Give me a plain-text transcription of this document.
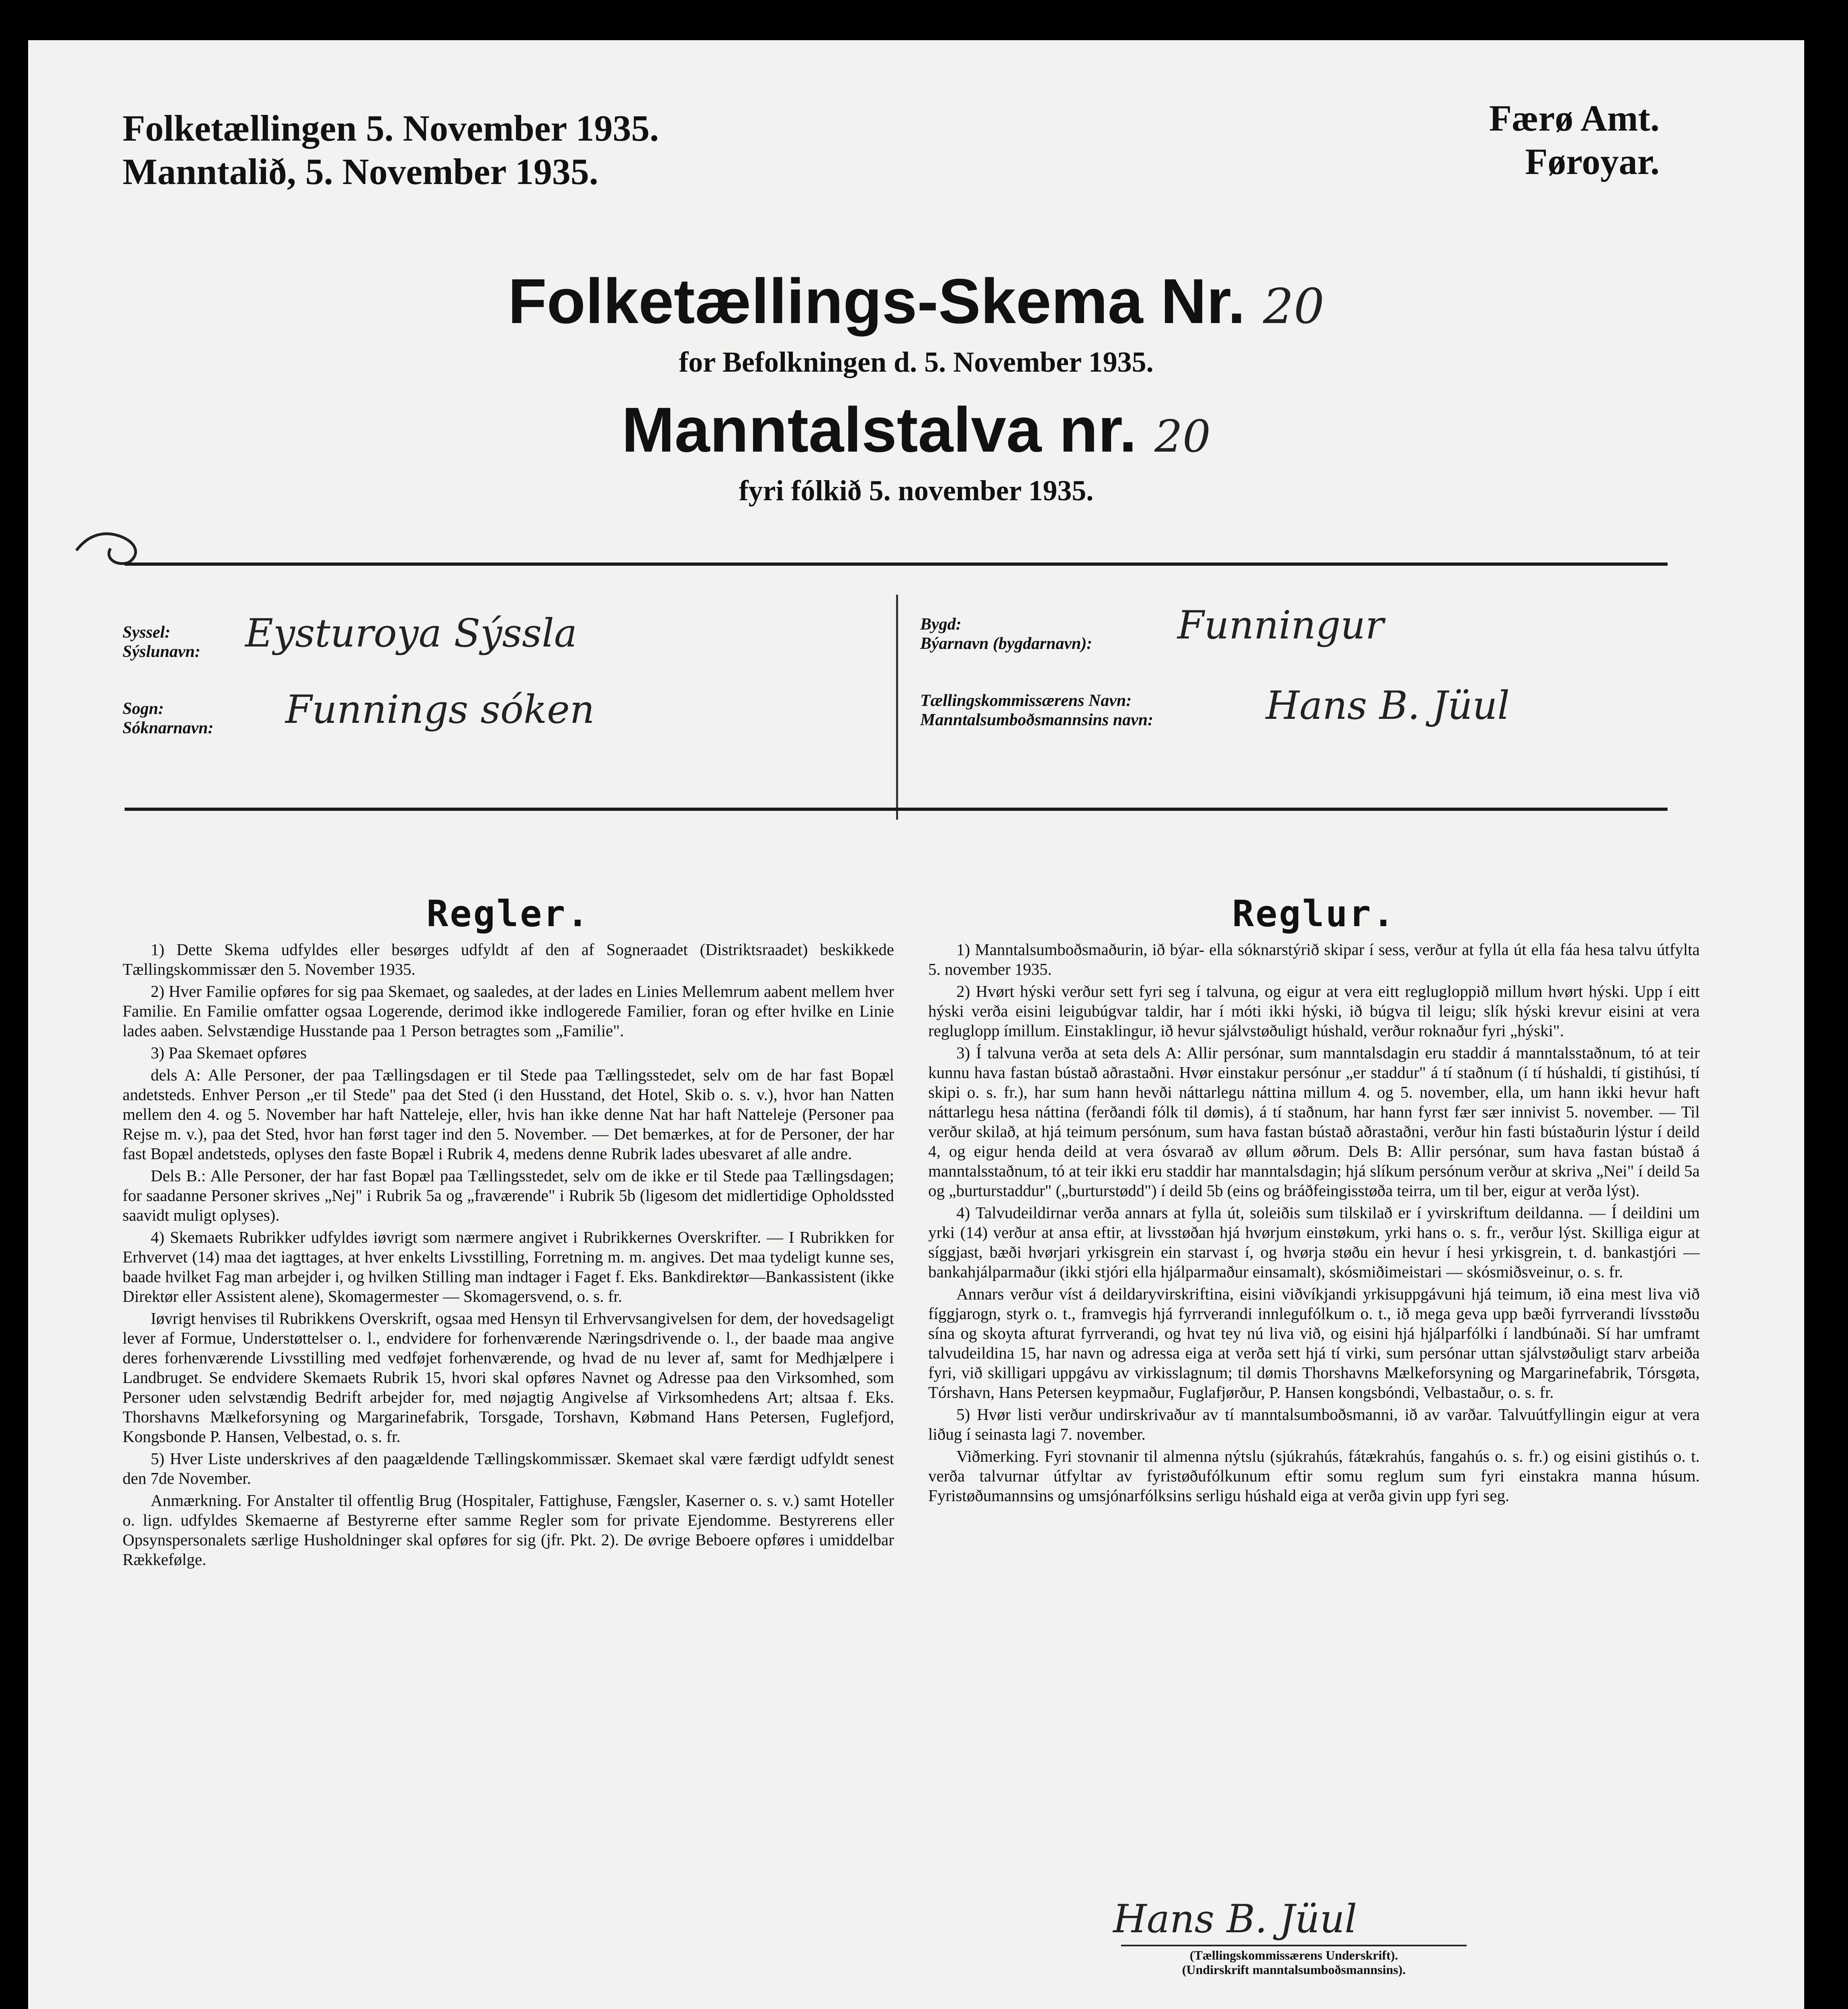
Folketællingen 5. November 1935.
Manntalið, 5. November 1935.
Færø Amt.
Føroyar.
Folketællings-Skema Nr. 20
for Befolkningen d. 5. November 1935.
Manntalstalva nr. 20
fyri fólkið 5. november 1935.
Syssel:
Sýslunavn: Eysturoya Sýssla
Sogn:
Sóknarnavn: Funnings sóken
Bygd:
Býarnavn (bygdarnavn): Funningur
Tællingskommissærens Navn:
Manntalsumboðsmannsins navn:	Hans B. Jüul
Regler.

1) Dette Skema udfyldes eller besørges udfyldt af den af Sogneraadet (Distriktsraadet) beskikkede Tællingskommissær den 5. November 1935.

2) Hver Familie opføres for sig paa Skemaet, og saaledes, at der lades en Linies Mellemrum aabent mellem hver Familie. En Familie omfatter ogsaa Logerende, derimod ikke indlogerede Familier, foran og efter hvilke en Linie lades aaben. Selvstændige Husstande paa 1 Person betragtes som „Familie".

3) Paa Skemaet opføres

dels A: Alle Personer, der paa Tællingsdagen er til Stede paa Tællingsstedet, selv om de har fast Bopæl andetsteds. Enhver Person „er til Stede" paa det Sted (i den Husstand, det Hotel, Skib o. s. v.), hvor han Natten mellem den 4. og 5. November har haft Natteleje, eller, hvis han ikke denne Nat har haft Natteleje (Personer paa Rejse m. v.), paa det Sted, hvor han først tager ind den 5. November. — Det bemærkes, at for de Personer, der har fast Bopæl andetsteds, oplyses den faste Bopæl i Rubrik 4, medens denne Rubrik lades ubesvaret af alle andre.

Dels B.: Alle Personer, der har fast Bopæl paa Tællingsstedet, selv om de ikke er til Stede paa Tællingsdagen; for saadanne Personer skrives „Nej" i Rubrik 5a og „fraværende" i Rubrik 5b (ligesom det midlertidige Opholdssted saavidt muligt oplyses).

4) Skemaets Rubrikker udfyldes iøvrigt som nærmere angivet i Rubrikkernes Overskrifter. — I Rubrikken for Erhvervet (14) maa det iagttages, at hver enkelts Livsstilling, Forretning m. m. angives. Det maa tydeligt kunne ses, baade hvilket Fag man arbejder i, og hvilken Stilling man indtager i Faget f. Eks. Bankdirektør—Bankassistent (ikke Direktør eller Assistent alene), Skomagermester — Skomagersvend, o. s. fr.

Iøvrigt henvises til Rubrikkens Overskrift, ogsaa med Hensyn til Erhvervsangivelsen for dem, der hovedsageligt lever af Formue, Understøttelser o. l., endvidere for forhenværende Næringsdrivende o. l., der baade maa angive deres forhenværende Livsstilling med vedføjet forhenværende, og hvad de nu lever af, samt for Medhjælpere i Landbruget. Se endvidere Skemaets Rubrik 15, hvori skal opføres Navnet og Adresse paa den Virksomhed, som Personer uden selvstændig Bedrift arbejder for, med nøjagtig Angivelse af Virksomhedens Art; altsaa f. Eks. Thorshavns Mælkeforsyning og Margarinefabrik, Torsgade, Torshavn, Købmand Hans Petersen, Fuglefjord, Kongsbonde P. Hansen, Velbestad, o. s. fr.

5) Hver Liste underskrives af den paagældende Tællingskommissær. Skemaet skal være færdigt udfyldt senest den 7de November.

Anmærkning. For Anstalter til offentlig Brug (Hospitaler, Fattighuse, Fængsler, Kaserner o. s. v.) samt Hoteller o. lign. udfyldes Skemaerne af Bestyrerne efter samme Regler som for private Ejendomme. Bestyrerens eller Opsynspersonalets særlige Husholdninger skal opføres for sig (jfr. Pkt. 2). De øvrige Beboere opføres i umiddelbar Rækkefølge.

Reglur.

1) Manntalsumboðsmaðurin, ið býar- ella sóknarstýrið skipar í sess, verður at fylla út ella fáa hesa talvu útfylta 5. november 1935.

2) Hvørt hýski verður sett fyri seg í talvuna, og eigur at vera eitt reglugloppið millum hvørt hýski. Upp í eitt hýski verða eisini leigubúgvar taldir, har í móti ikki hýski, ið búgva til leigu; slík hýski krevur eisini at vera regluglopp ímillum. Einstaklingur, ið hevur sjálvstøðuligt húshald, verður roknaður fyri „hýski".

3) Í talvuna verða at seta dels A: Allir persónar, sum manntalsdagin eru staddir á manntalsstaðnum, tó at teir kunnu hava fastan bústað aðrastaðni. Hvør einstakur persónur „er staddur" á tí staðnum (í tí húshaldi, tí gistihúsi, tí skipi o. s. fr.), har sum hann hevði náttarlegu náttina millum 4. og 5. november, ella, um hann ikki hevur haft náttarlegu hesa náttina (ferðandi fólk til dømis), á tí staðnum, har hann fyrst fær sær innivist 5. november. — Til verður skilað, at hjá teimum persónum, sum hava fastan bústað aðrastaðni, verður hin fasti bústaðurin lýstur í deild 4, og eigur henda deild at vera ósvarað av øllum øðrum. Dels B: Allir persónar, sum hava fastan bústað á manntalsstaðnum, tó at teir ikki eru staddir har manntalsdagin; hjá slíkum persónum verður at skriva „Nei" í deild 5a og „burturstaddur" („burturstødd") í deild 5b (eins og bráðfeingisstøða teirra, um til ber, eigur at verða lýst).

4) Talvudeildirnar verða annars at fylla út, soleiðis sum tilskilað er í yvirskriftum deildanna. — Í deildini um yrki (14) verður at ansa eftir, at livsstøðan hjá hvørjum einstøkum, yrki hans o. s. fr., verður lýst. Skilliga eigur at síggjast, bæði hvørjari yrkisgrein ein starvast í, og hvørja støðu ein hevur í hesi yrkisgrein, t. d. bankastjóri — bankahjálparmaður (ikki stjóri ella hjálparmaður einsamalt), skósmiðimeistari — skósmiðsveinur, o. s. fr.

Annars verður víst á deildaryvirskriftina, eisini viðvíkjandi yrkisuppgávuni hjá teimum, ið eina mest liva við fíggjarogn, styrk o. t., framvegis hjá fyrrverandi innlegufólkum o. t., ið mega geva upp bæði fyrrverandi lívsstøðu sína og skoyta afturat fyrrverandi, og hvat tey nú liva við, og eisini hjá hjálparfólki í landbúnaði. Sí har umframt talvudeildina 15, har navn og adressa eiga at verða sett hjá tí virki, sum persónar uttan sjálvstøðuligt starv arbeiða fyri, við skilligari uppgávu av virkisslagnum; til dømis Thorshavns Mælkeforsyning og Margarinefabrik, Tórsgøta, Tórshavn, Hans Petersen keypmaður, Fuglafjørður, P. Hansen kongsbóndi, Velbastaður, o. s. fr.

5) Hvør listi verður undirskrivaður av tí manntalsumboðsmanni, ið av varðar. Talvuútfyllingin eigur at vera liðug í seinasta lagi 7. november.

Viðmerking. Fyri stovnanir til almenna nýtslu (sjúkrahús, fátækrahús, fangahús o. s. fr.) og eisini gistihús o. t. verða talvurnar útfyltar av fyristøðufólkunum eftir somu reglum sum fyri einstakra manna húsum. Fyristøðumannsins og umsjónarfólksins serligu húshald eiga at verða givin upp fyri seg.

Hans B. Jüul
(Tællingskommissærens Underskrift).
(Undirskrift manntalsumboðsmannsins).
